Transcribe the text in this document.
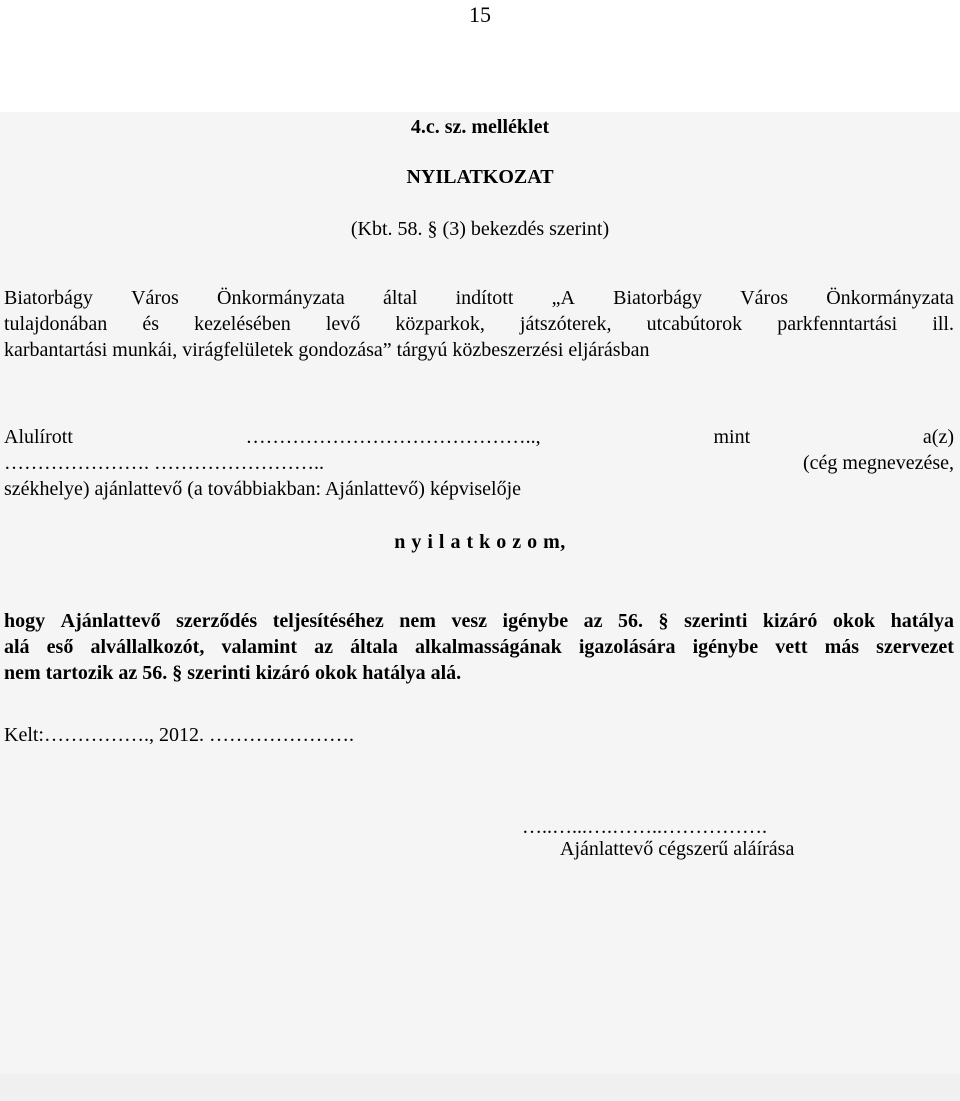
15
4.c. sz. melléklet
NYILATKOZAT
(Kbt. 58. § (3) bekezdés szerint)
Biatorbágy Város Önkormányzata által indított „A Biatorbágy Város Önkormányzata
tulajdonában és kezelésében levő közparkok, játszóterek, utcabútorok parkfenntartási ill.
karbantartási munkái, virágfelületek gondozása” tárgyú közbeszerzési eljárásban
Alulírott	……………………………………..,	mint	a(z)
…………………. ……………………..	(cég megnevezése,
székhelye) ajánlattevő (a továbbiakban: Ajánlattevő) képviselője
n y i l a t k o z o m,
hogy Ajánlattevő szerződés teljesítéséhez nem vesz igénybe az 56. § szerinti kizáró okok hatálya
alá eső alvállalkozót, valamint az általa alkalmasságának igazolására igénybe vett más szervezet
nem tartozik az 56. § szerinti kizáró okok hatálya alá.
Kelt:……………., 2012. ………………….
…..…...….……..…………….
Ajánlattevő cégszerű aláírása
